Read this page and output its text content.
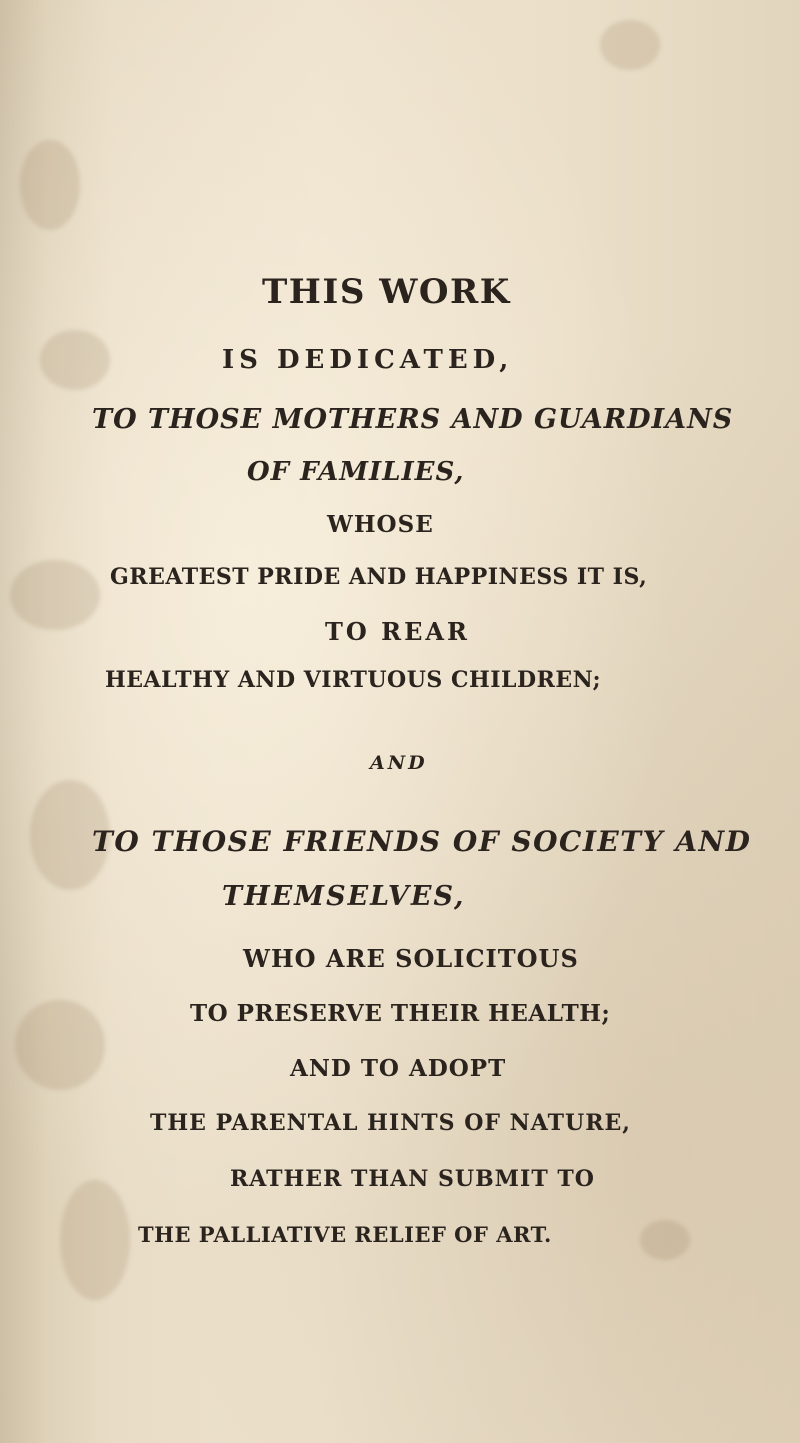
THIS WORK
IS DEDICATED,
TO THOSE MOTHERS AND GUARDIANS
OF FAMILIES,
WHOSE
GREATEST PRIDE AND HAPPINESS IT IS,
TO REAR
HEALTHY AND VIRTUOUS CHILDREN;
AND
TO THOSE FRIENDS OF SOCIETY AND
THEMSELVES,
WHO ARE SOLICITOUS
TO PRESERVE THEIR HEALTH;
AND TO ADOPT
THE PARENTAL HINTS OF NATURE,
RATHER THAN SUBMIT TO
THE PALLIATIVE RELIEF OF ART.
